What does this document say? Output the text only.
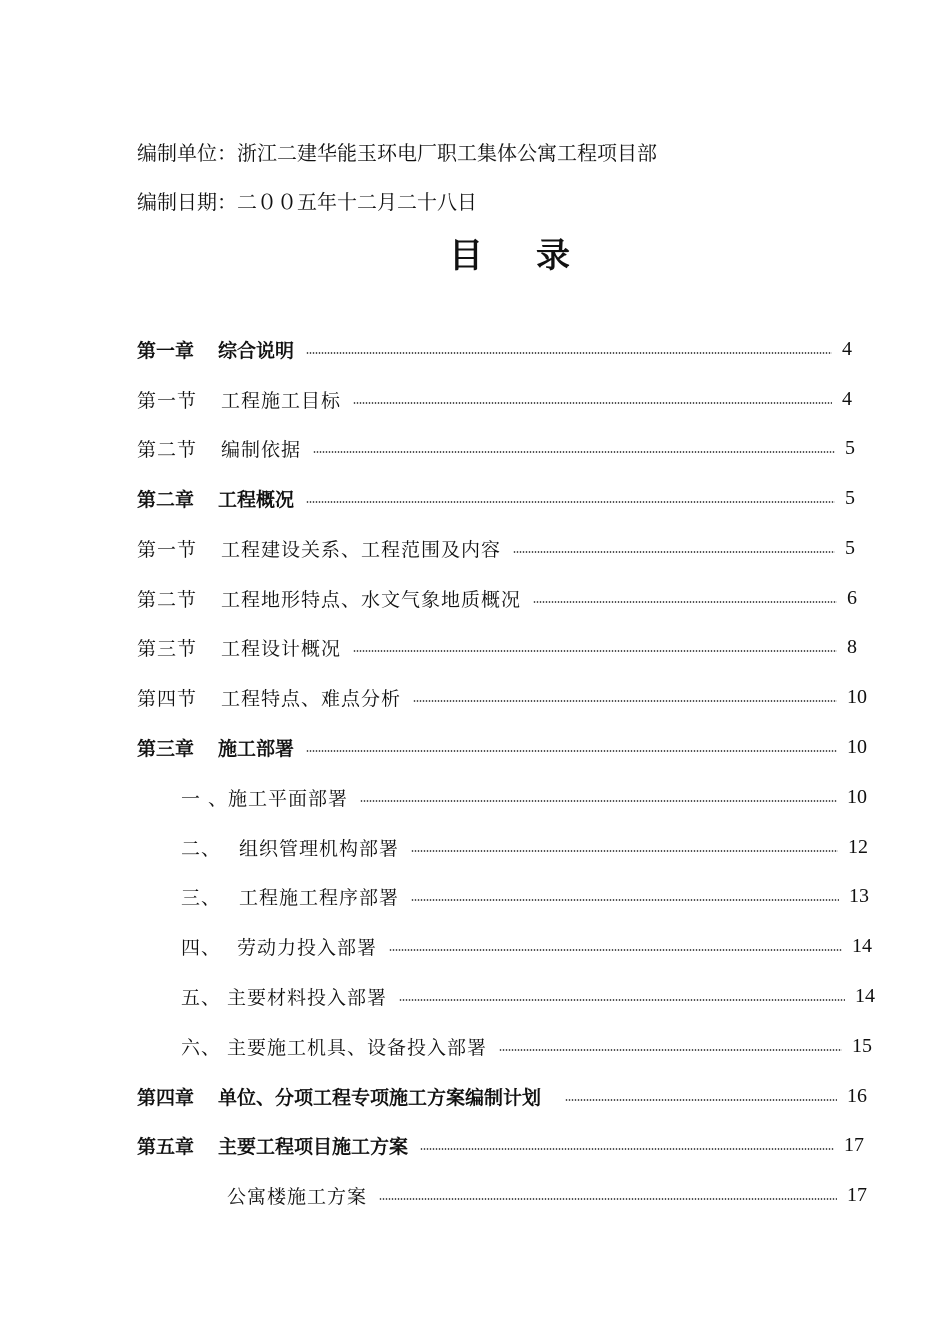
编制单位：浙江二建华能玉环电厂职工集体公寓工程项目部
编制日期：二００五年十二月二十八日
目 录
第一章 综合说明	4
第一节 工程施工目标	4
第二节 编制依据	5
第二章 工程概况	5
第一节 工程建设关系、工程范围及内容	5
第二节 工程地形特点、水文气象地质概况	6
第三节 工程设计概况	8
第四节 工程特点、难点分析	10
第三章 施工部署	10
一 、施工平面部署	10
二、 组织管理机构部署	12
三、 工程施工程序部署	13
四、 劳动力投入部署	14
五、 主要材料投入部署	14
六、 主要施工机具、设备投入部署	15
第四章 单位、分项工程专项施工方案编制计划	16
第五章 主要工程项目施工方案	17
公寓楼施工方案	17
